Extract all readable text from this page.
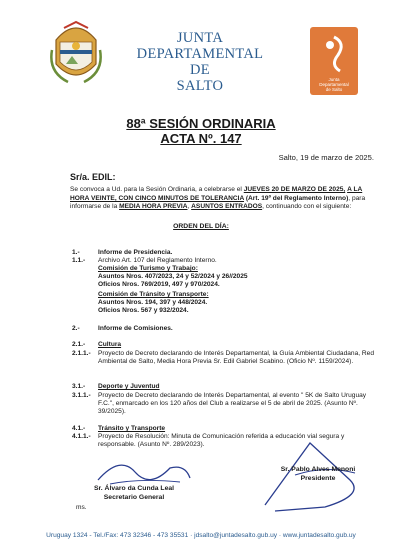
JUNTA
DEPARTAMENTAL
DE
SALTO	Junta
Departamental
de Salto
88ª SESIÓN ORDINARIA
ACTA Nº. 147
Salto, 19 de marzo de 2025.
Sr/a. EDIL:
Se convoca a Ud. para la Sesión Ordinaria, a celebrarse el JUEVES 20 DE MARZO DE 2025, A LA HORA VEINTE, CON CINCO MINUTOS DE TOLERANCIA (Art. 19º del Reglamento Interno), para informarse de la MEDIA HORA PREVIA, ASUNTOS ENTRADOS, continuando con el siguiente:
ORDEN DEL DÍA:
1.-	Informe de Presidencia.
1.1.- Archivo Art. 107 del Reglamento Interno.
Comisión de Turismo y Trabajo:
Asuntos Nros. 407/2023, 24 y 52/2024 y 26//2025
Oficios Nros. 769/2019, 497 y 970/2024.
Comisión de Tránsito y Transporte:
Asuntos Nros. 194, 397 y 448/2024.
Oficios Nros. 567 y 932/2024.
2.-	Informe de Comisiones.
2.1.- Cultura
2.1.1.- Proyecto de Decreto declarando de Interés Departamental, la Guía Ambiental Ciudadana, Red Ambiental de Salto, Media Hora Previa Sr. Edil Gabriel Scabino. (Oficio Nº. 1159/2024).
3.1.- Deporte y Juventud
3.1.1.- Proyecto de Decreto declarando de Interés Departamental, al evento " 5K de Salto Uruguay F.C.", enmarcado en los 120 años del Club a realizarse el 5 de abril de 2025. (Asunto Nº. 39/2025).
4.1.- Tránsito y Transporte
4.1.1.- Proyecto de Resolución: Minuta de Comunicación referida a educación vial segura y responsable. (Asunto Nº. 289/2023).
Sr. Álvaro da Cunda Leal
Secretario General
Sr. Pablo Alves Menoni
Presidente
ms.
Uruguay 1324 - Tel./Fax: 473 32346 - 473 35531 · jdsalto@juntadesalto.gub.uy · www.juntadesalto.gub.uy
